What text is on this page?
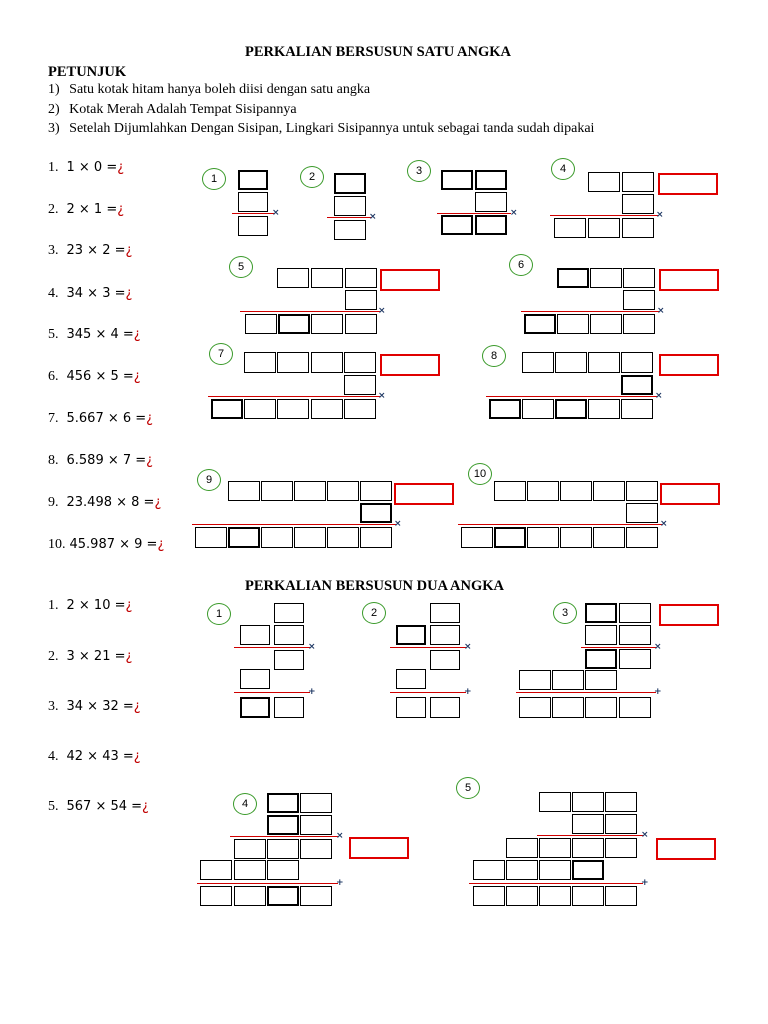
PERKALIAN BERSUSUN SATU ANGKA
PETUNJUK
1) Satu kotak hitam hanya boleh diisi dengan satu angka
2) Kotak Merah Adalah Tempat Sisipannya
3) Setelah Dijumlahkan Dengan Sisipan, Lingkari Sisipannya untuk sebagai tanda sudah dipakai
1. 1 × 0 =¿
2. 2 × 1 =¿
3. 23 × 2 =¿
4. 34 × 3 =¿
5. 345 × 4 =¿
6. 456 × 5 =¿
7. 5.667 × 6 =¿
8. 6.589 × 7 =¿
9. 23.498 × 8 =¿
10. 45.987 × 9 =¿
1	2	3	4
5	6
7	8
9	10
×	×	×	×
×	×
×	×
×	×
PERKALIAN BERSUSUN DUA ANGKA
1. 2 × 10 =¿
2. 3 × 21 =¿
3. 34 × 32 =¿
4. 42 × 43 =¿
5. 567 × 54 =¿
1	2	3
4
5
×
+
×
+
×
+
×
+
×
+
